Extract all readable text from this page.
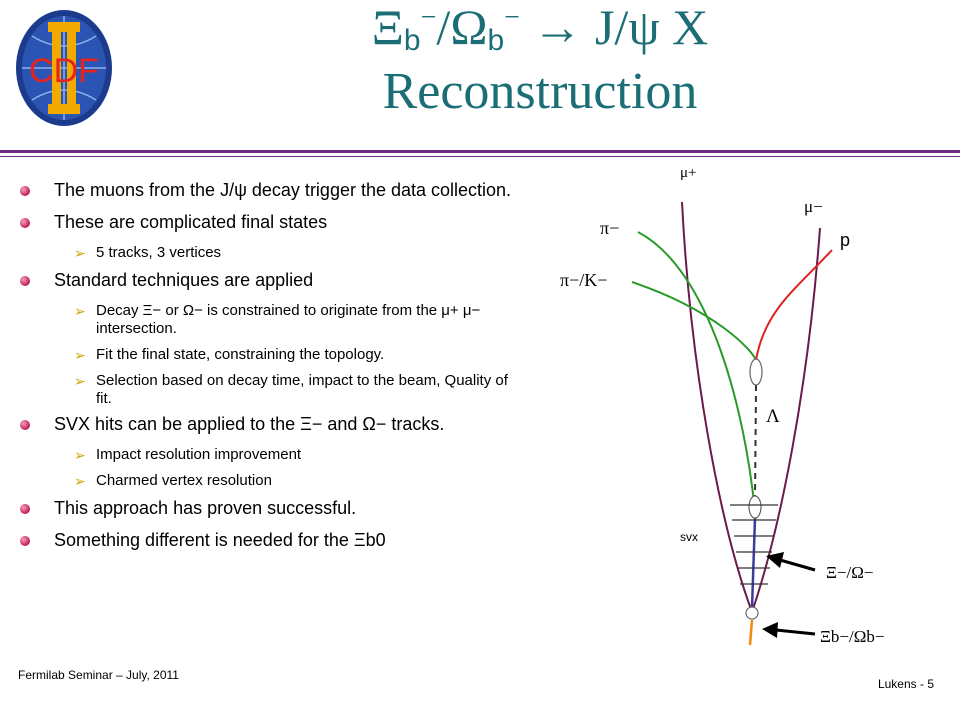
CDF
$\Xi_b^-/\Omega_b^- \to J/\psi$ X
Reconstruction
The muons from the J/ψ decay trigger the data collection.
These are complicated final states
➢ 5 tracks, 3 vertices
Standard techniques are applied
➢ Decay Ξ− or Ω− is constrained to originate from the μ+ μ− intersection.
➢ Fit the final state, constraining the topology.
➢ Selection based on decay time, impact to the beam, Quality of fit.
SVX hits can be applied to the Ξ− and Ω− tracks.
➢ Impact resolution improvement
➢ Charmed vertex resolution
This approach has proven successful.
Something different is needed for the Ξb0
μ+
μ−
π−
π−/K−
p
Λ
svx
Ξ−/Ω−
Ξb−/Ωb−
Fermilab Seminar – July, 2011
Lukens - 5
